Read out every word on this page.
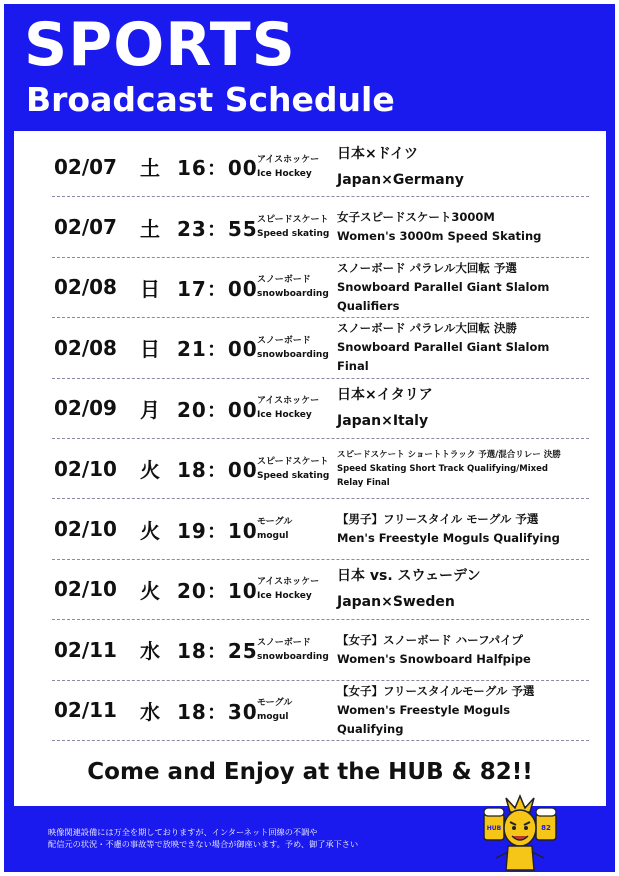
SPORTS
Broadcast Schedule
02/07 土 16：00 アイスホッケー
Ice Hockey
日本×ドイツ
Japan×Germany
02/07 土 23：55 スピードスケート
Speed skating
女子スピードスケート3000M
Women's 3000m Speed Skating
02/08 日 17：00 スノーボード
snowboarding
スノーボード パラレル大回転 予選
Snowboard Parallel Giant Slalom
Qualifiers
02/08 日 21：00 スノーボード
snowboarding
スノーボード パラレル大回転 決勝
Snowboard Parallel Giant Slalom
Final
02/09 月 20：00 アイスホッケー
Ice Hockey
日本×イタリア
Japan×Italy
02/10 火 18：00 スピードスケート
Speed skating
スピードスケート ショートトラック 予選/混合リレー 決勝
Speed Skating Short Track Qualifying/Mixed
Relay Final
02/10 火 19：10 モーグル
mogul
【男子】フリースタイル モーグル 予選
Men's Freestyle Moguls Qualifying
02/10 火 20：10 アイスホッケー
Ice Hockey
日本 vs. スウェーデン
Japan×Sweden
02/11 水 18：25 スノーボード
snowboarding
【女子】スノーボード ハーフパイプ
Women's Snowboard Halfpipe
02/11 水 18：30 モーグル
mogul
【女子】フリースタイルモーグル 予選
Women's Freestyle Moguls
Qualifying
Come and Enjoy at the HUB & 82!!
映像関連設備には万全を期しておりますが、インターネット回線の不調や
配信元の状況・不慮の事故等で放映できない場合が御座います。予め、御了承下さい
HUB	82
